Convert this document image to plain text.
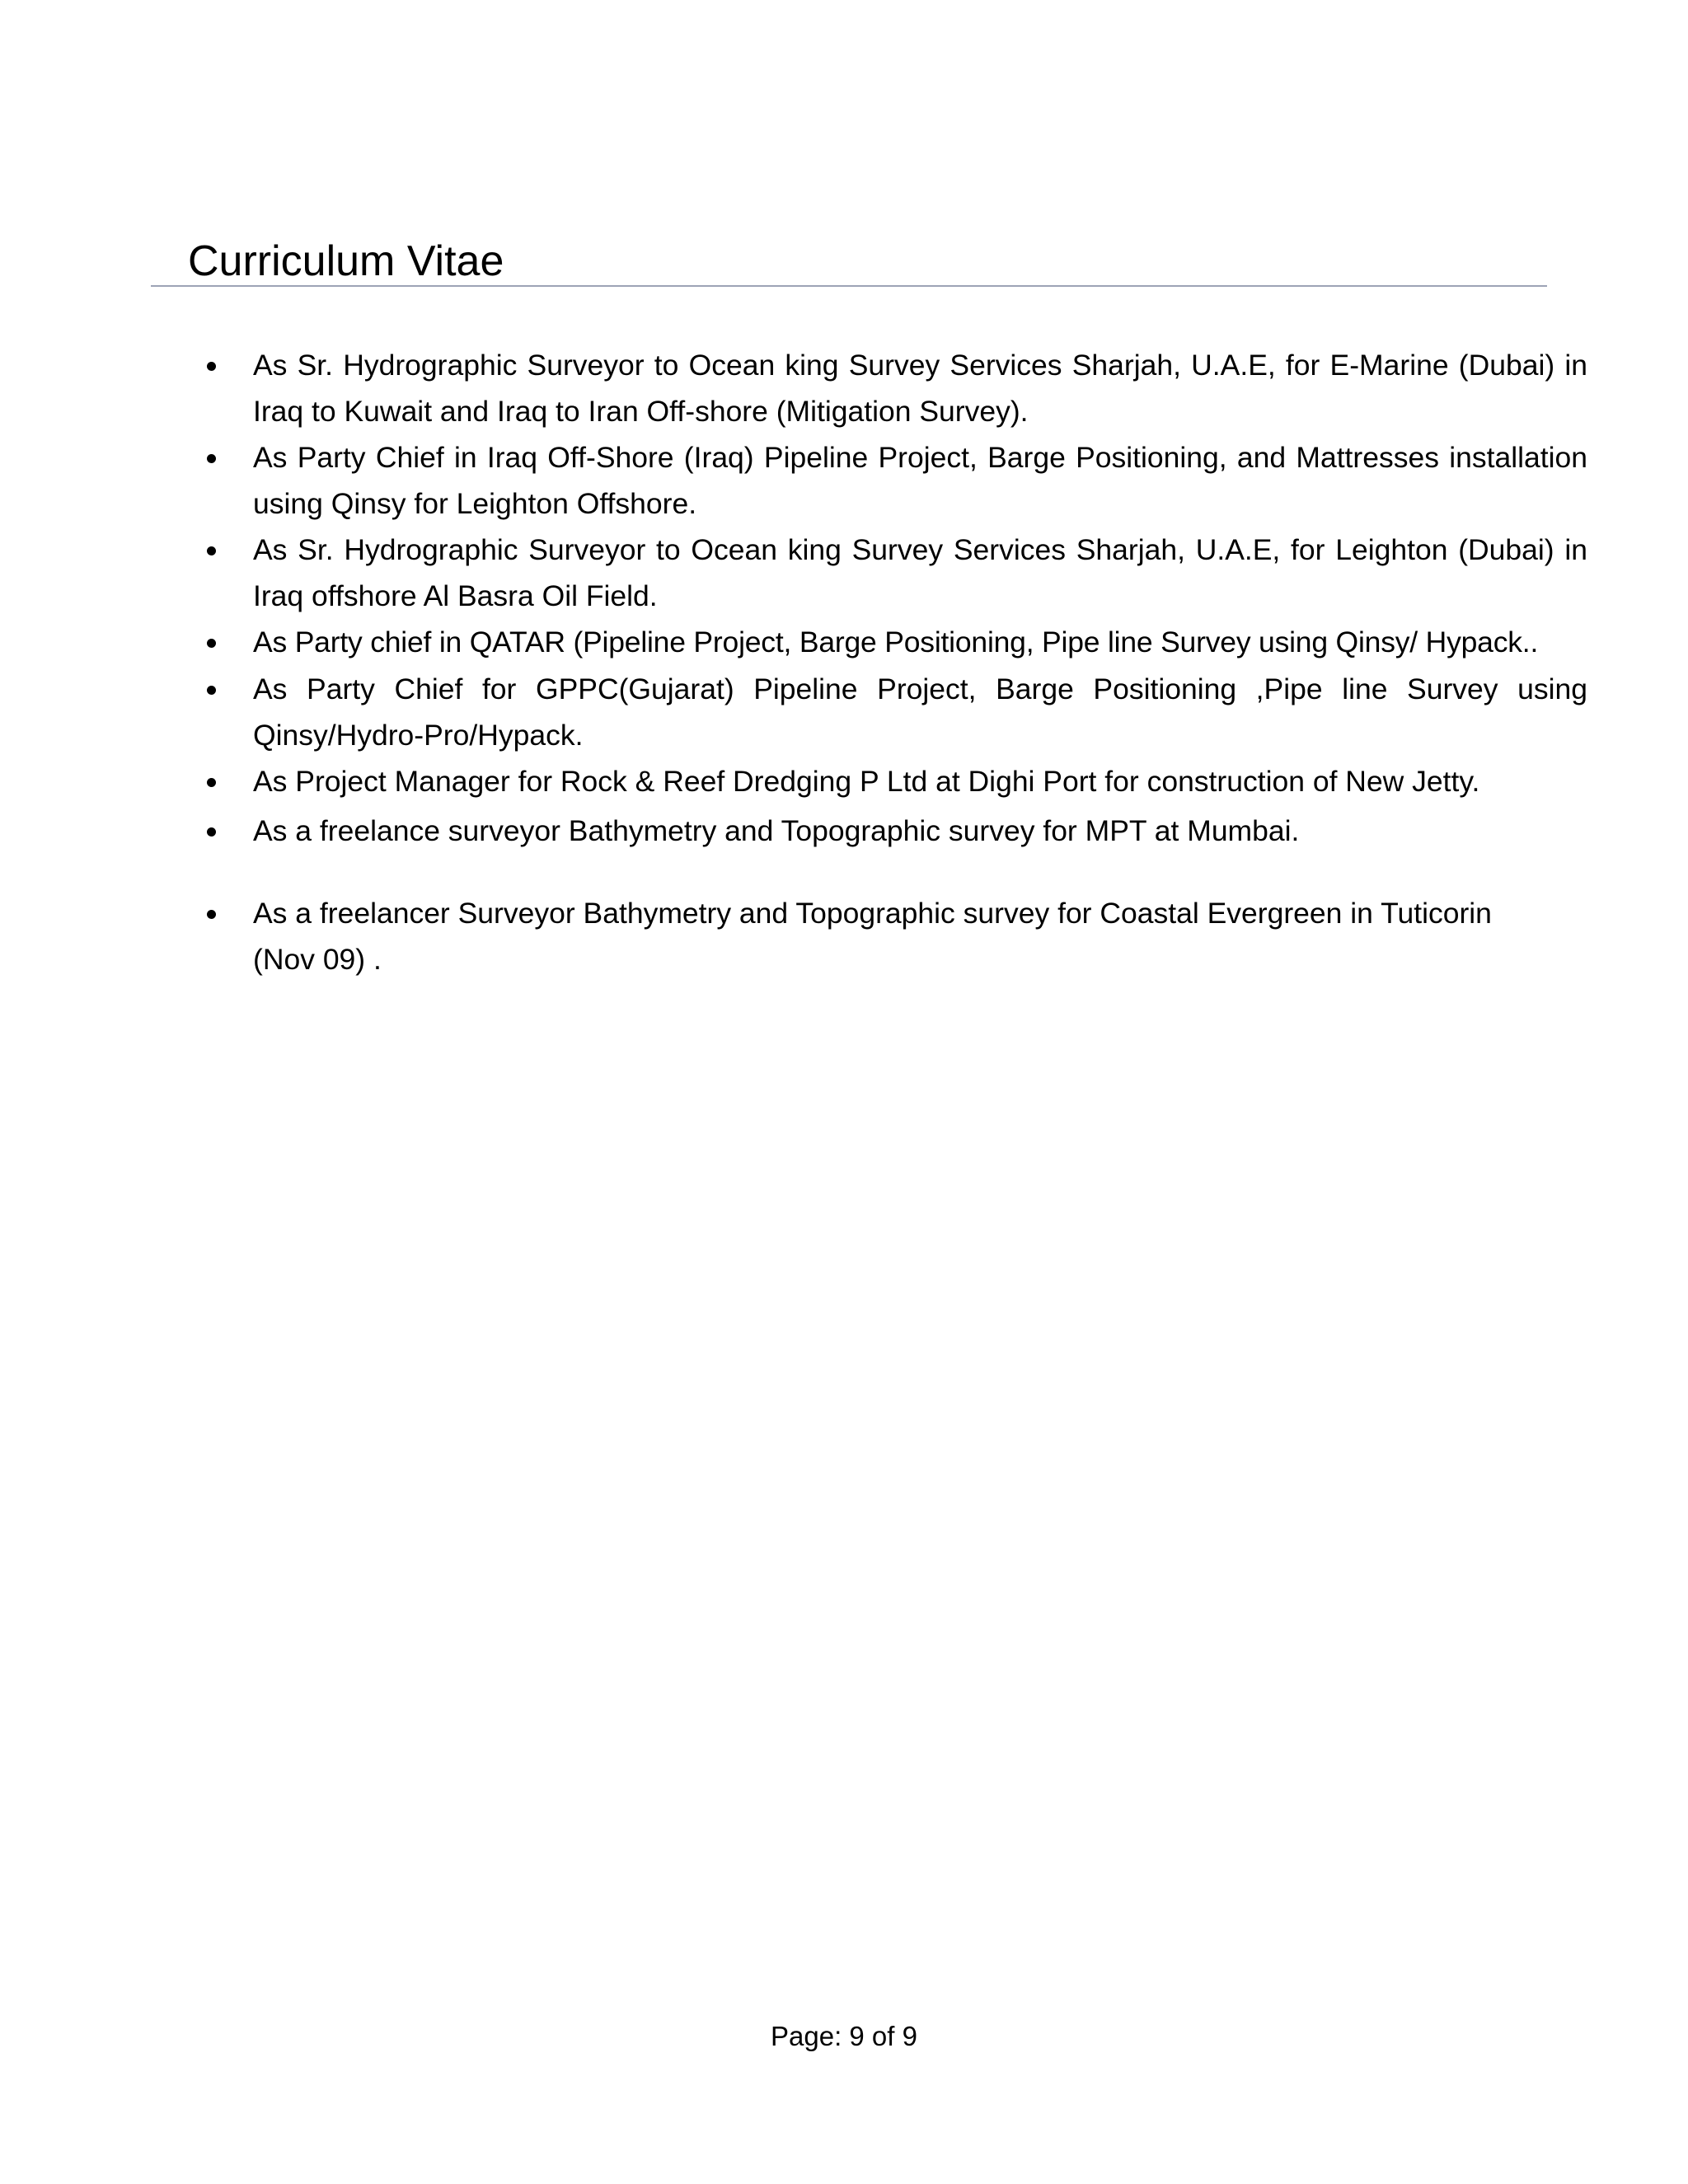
Curriculum Vitae
As Sr. Hydrographic Surveyor to Ocean king Survey Services Sharjah, U.A.E, for E-Marine (Dubai) in Iraq to Kuwait and Iraq to Iran Off-shore (Mitigation Survey).
As Party Chief in Iraq Off-Shore (Iraq) Pipeline Project, Barge Positioning, and Mattresses installation using Qinsy for Leighton Offshore.
As Sr. Hydrographic Surveyor to Ocean king Survey Services Sharjah, U.A.E, for Leighton (Dubai) in Iraq offshore Al Basra Oil Field.
As Party chief in QATAR (Pipeline Project, Barge Positioning, Pipe line Survey using Qinsy/ Hypack..
As Party Chief for GPPC(Gujarat) Pipeline Project, Barge Positioning ,Pipe line Survey using Qinsy/Hydro-Pro/Hypack.
As Project Manager for Rock & Reef Dredging P Ltd at Dighi Port for construction of New Jetty.
As a freelance surveyor Bathymetry and Topographic survey for MPT at Mumbai.
As a freelancer Surveyor Bathymetry and Topographic survey for Coastal Evergreen in Tuticorin (Nov 09) .
Page: 9 of 9
